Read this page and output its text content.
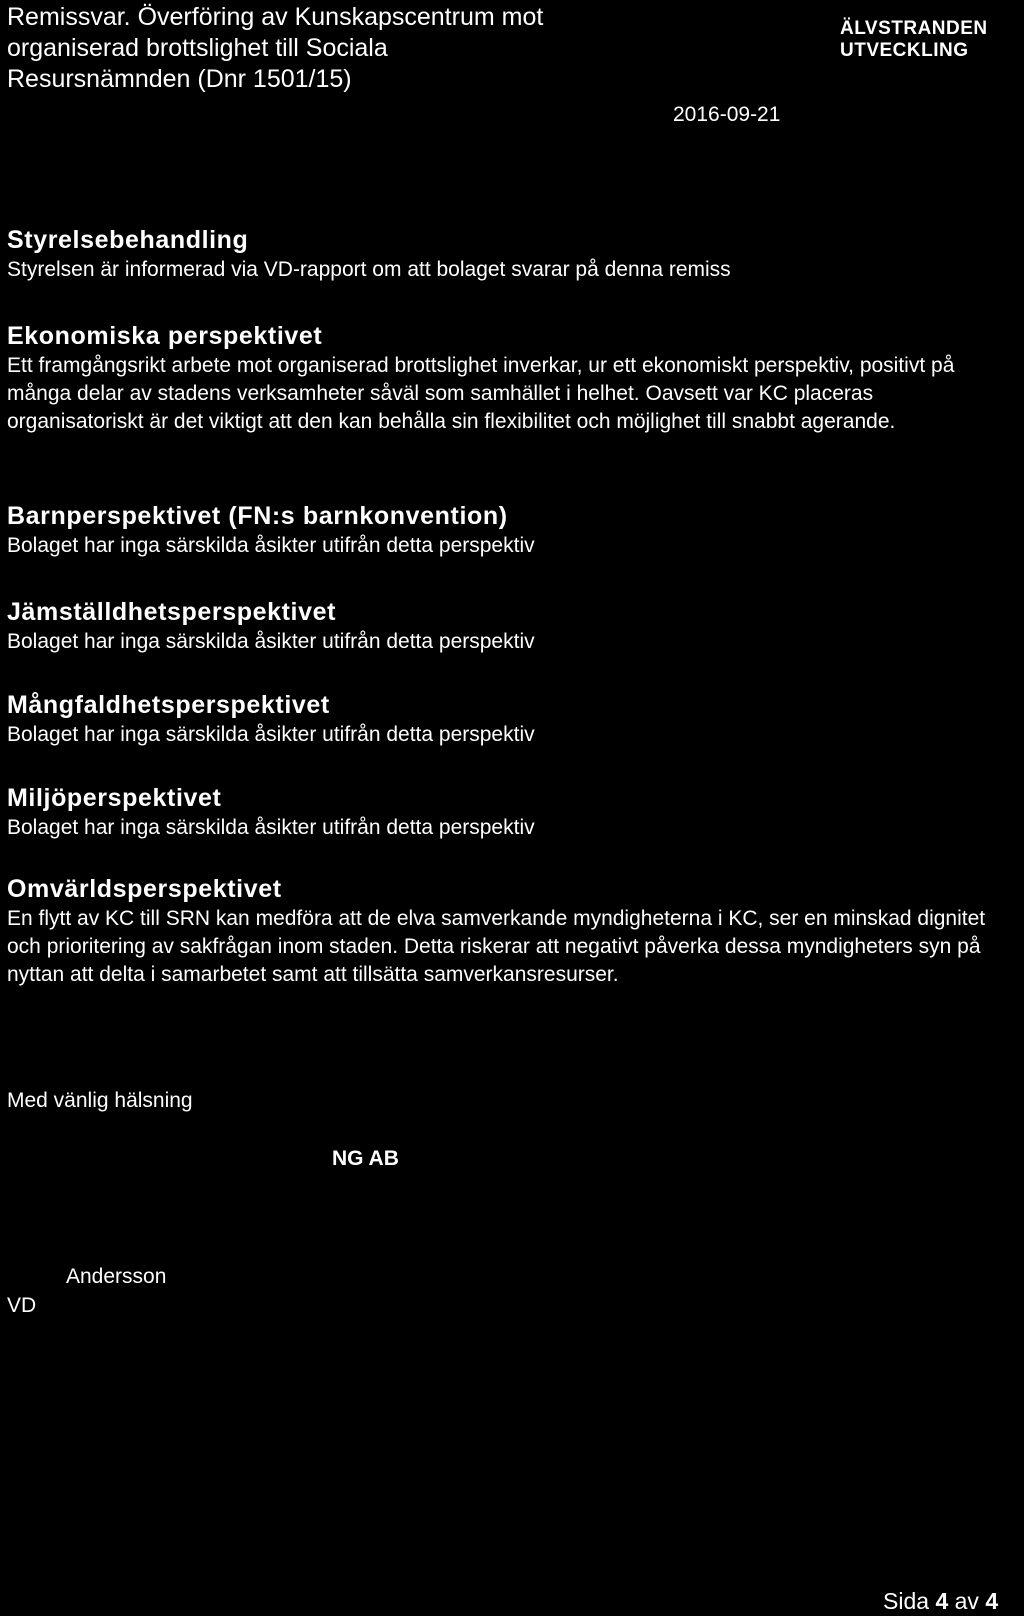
Remissvar. Överföring av Kunskapscentrum mot
organiserad brottslighet till Sociala
Resursnämnden (Dnr 1501/15)
ÄLVSTRANDEN
UTVECKLING
2016-09-21
Styrelsebehandling

Styrelsen är informerad via VD-rapport om att bolaget svarar på denna remiss

Ekonomiska perspektivet

Ett framgångsrikt arbete mot organiserad brottslighet inverkar, ur ett ekonomiskt perspektiv, positivt på många delar av stadens verksamheter såväl som samhället i helhet. Oavsett var KC placeras organisatoriskt är det viktigt att den kan behålla sin flexibilitet och möjlighet till snabbt agerande.

Barnperspektivet (FN:s barnkonvention)

Bolaget har inga särskilda åsikter utifrån detta perspektiv

Jämställdhetsperspektivet

Bolaget har inga särskilda åsikter utifrån detta perspektiv

Mångfaldhetsperspektivet

Bolaget har inga särskilda åsikter utifrån detta perspektiv

Miljöperspektivet

Bolaget har inga särskilda åsikter utifrån detta perspektiv

Omvärldsperspektivet

En flytt av KC till SRN kan medföra att de elva samverkande myndigheterna i KC, ser en minskad dignitet och prioritering av sakfrågan inom staden. Detta riskerar att negativt påverka dessa myndigheters syn på nyttan att delta i samarbetet samt att tillsätta samverkansresurser.

Med vänlig hälsning
NG AB
Andersson
VD
Sida 4 av 4
